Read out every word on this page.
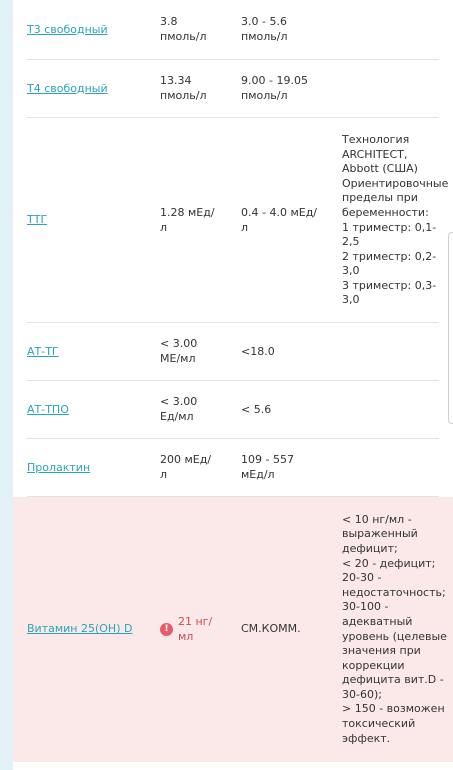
Т3 свободный
3.8
пмоль/л
3.0 - 5.6
пмоль/л
Т4 свободный
13.34
пмоль/л
9.00 - 19.05
пмоль/л
ТТГ
1.28 мЕд/
л
0.4 - 4.0 мЕд/
л
Технология
ARCHITECT,
Abbott (США)
Ориентировочные
пределы при
беременности:
1 триместр: 0,1-
2,5
2 триместр: 0,2-
3,0
3 триместр: 0,3-
3,0
АТ-ТГ
< 3.00
МЕ/мл
<18.0
АТ-ТПО
< 3.00
Ед/мл
< 5.6
Пролактин
200 мЕд/
л
109 - 557
мЕд/л
Витамин 25(OH) D	!
21 нг/
мл
СМ.КОММ.
< 10 нг/мл -
выраженный
дефицит;
< 20 - дефицит;
20-30 -
недостаточность;
30-100 -
адекватный
уровень (целевые
значения при
коррекции
дефицита вит.D -
30-60);
> 150 - возможен
токсический
эффект.
